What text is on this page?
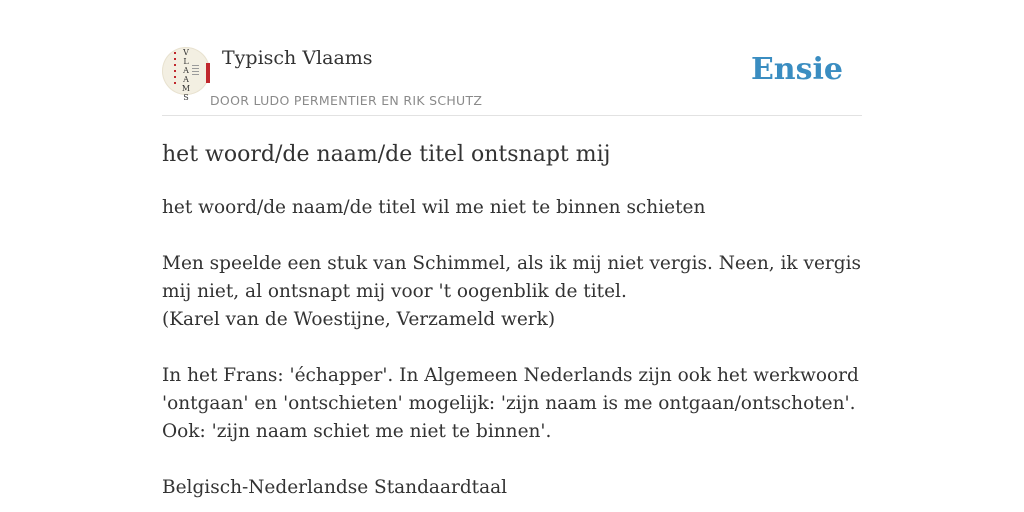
V
L
A
A
M
S
Typisch Vlaams
DOOR LUDO PERMENTIER EN RIK SCHUTZ
Ensie
het woord/de naam/de titel ontsnapt mij

het woord/de naam/de titel wil me niet te binnen schieten

Men speelde een stuk van Schimmel, als ik mij niet vergis. Neen, ik vergis mij niet, al ontsnapt mij voor 't oogenblik de titel.

(Karel van de Woestijne, Verzameld werk)

In het Frans: 'échapper'. In Algemeen Nederlands zijn ook het werkwoord 'ontgaan' en 'ontschieten' mogelijk: 'zijn naam is me ontgaan/ontschoten'. Ook: 'zijn naam schiet me niet te binnen'.

Belgisch-Nederlandse Standaardtaal
